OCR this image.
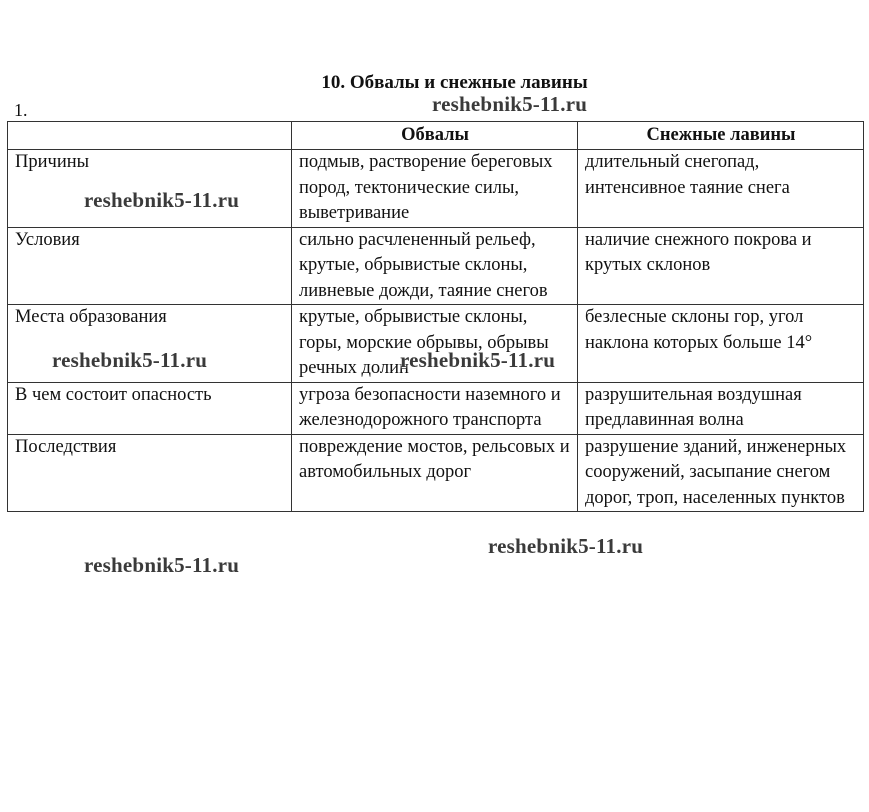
10. Обвалы и снежные лавины
1.
	Обвалы	Снежные лавины
Причины	подмыв, растворение береговых пород, тектонические силы, выветривание	длительный снегопад, интенсивное таяние снега
Условия	сильно расчлененный рельеф, крутые, обрывистые склоны, ливневые дожди, таяние снегов	наличие снежного покрова и крутых склонов
Места образования	крутые, обрывистые склоны, горы, морские обрывы, обрывы речных долин	безлесные склоны гор, угол наклона которых больше 14°
В чем состоит опасность	угроза безопасности наземного и железнодорожного транспорта	разрушительная воздушная предлавинная волна
Последствия	повреждение мостов, рельсовых и автомобильных дорог	разрушение зданий, инженерных сооружений, засыпание снегом дорог, троп, населенных пунктов
reshebnik5-11.ru
reshebnik5-11.ru
reshebnik5-11.ru	reshebnik5-11.ru
reshebnik5-11.ru
reshebnik5-11.ru
